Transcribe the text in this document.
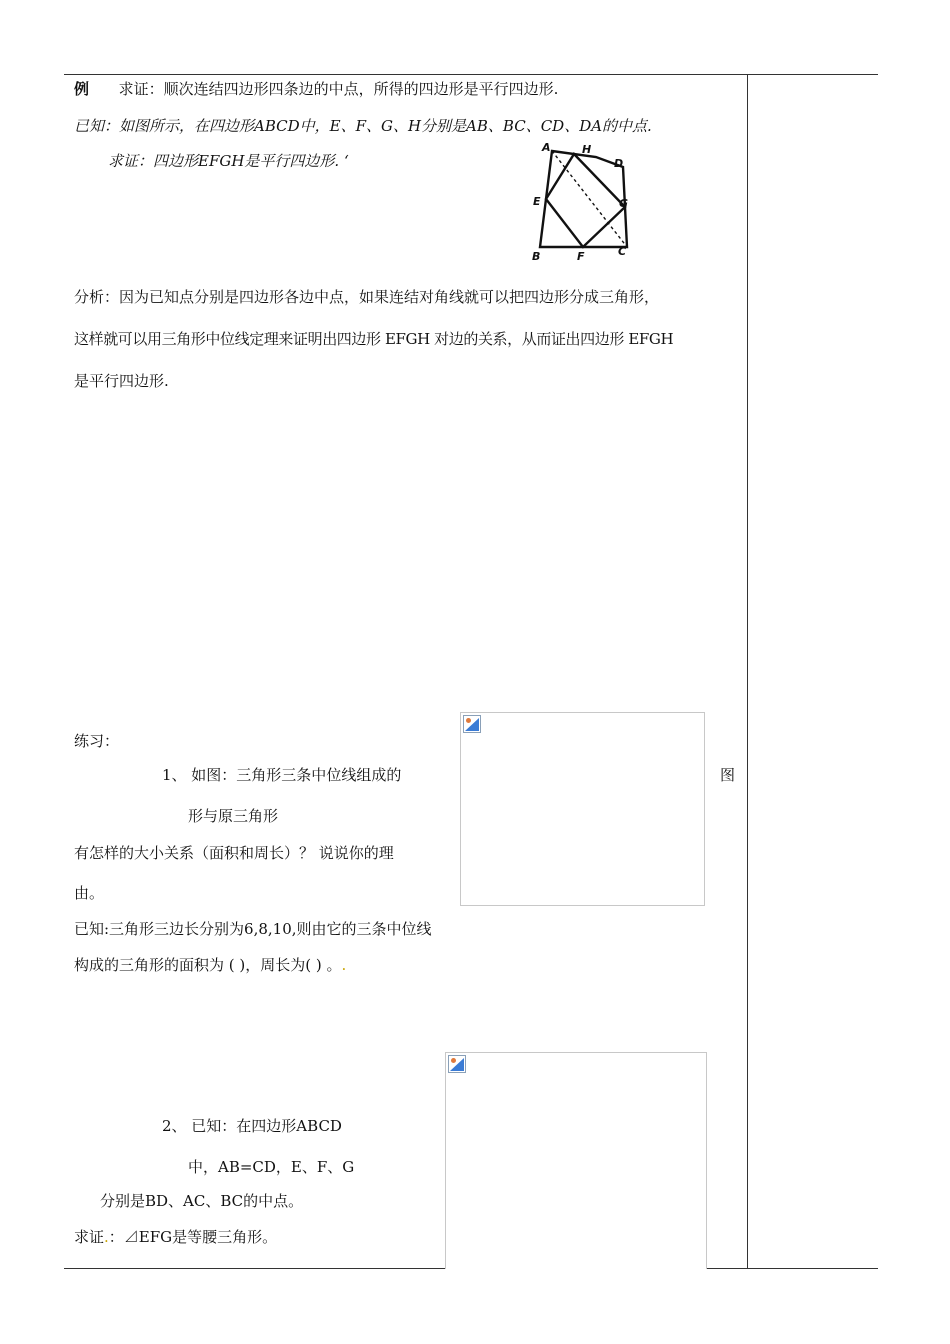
例 求证：顺次连结四边形四条边的中点，所得的四边形是平行四边形.
已知：如图所示，在四边形ABCD中，E、F、G、H分别是AB、BC、CD、DA的中点.
求证：四边形EFGH是平行四边形. ‘
A	H
D
E	G
B	F	C
分析：因为已知点分别是四边形各边中点，如果连结对角线就可以把四边形分成三角形，
这样就可以用三角形中位线定理来证明出四边形 EFGH 对边的关系，从而证出四边形 EFGH
是平行四边形.
练习：
1、 如图：三角形三条中位线组成的	图
形与原三角形
有怎样的大小关系（面积和周长）？ 说说你的理
由。
已知:三角形三边长分别为6,8,10,则由它的三条中位线
构成的三角形的面积为 ( )，周长为( ) 。.
2、 已知：在四边形ABCD
中，AB=CD，E、F、G
分别是BD、AC、BC的中点。
求证.：⊿EFG是等腰三角形。
